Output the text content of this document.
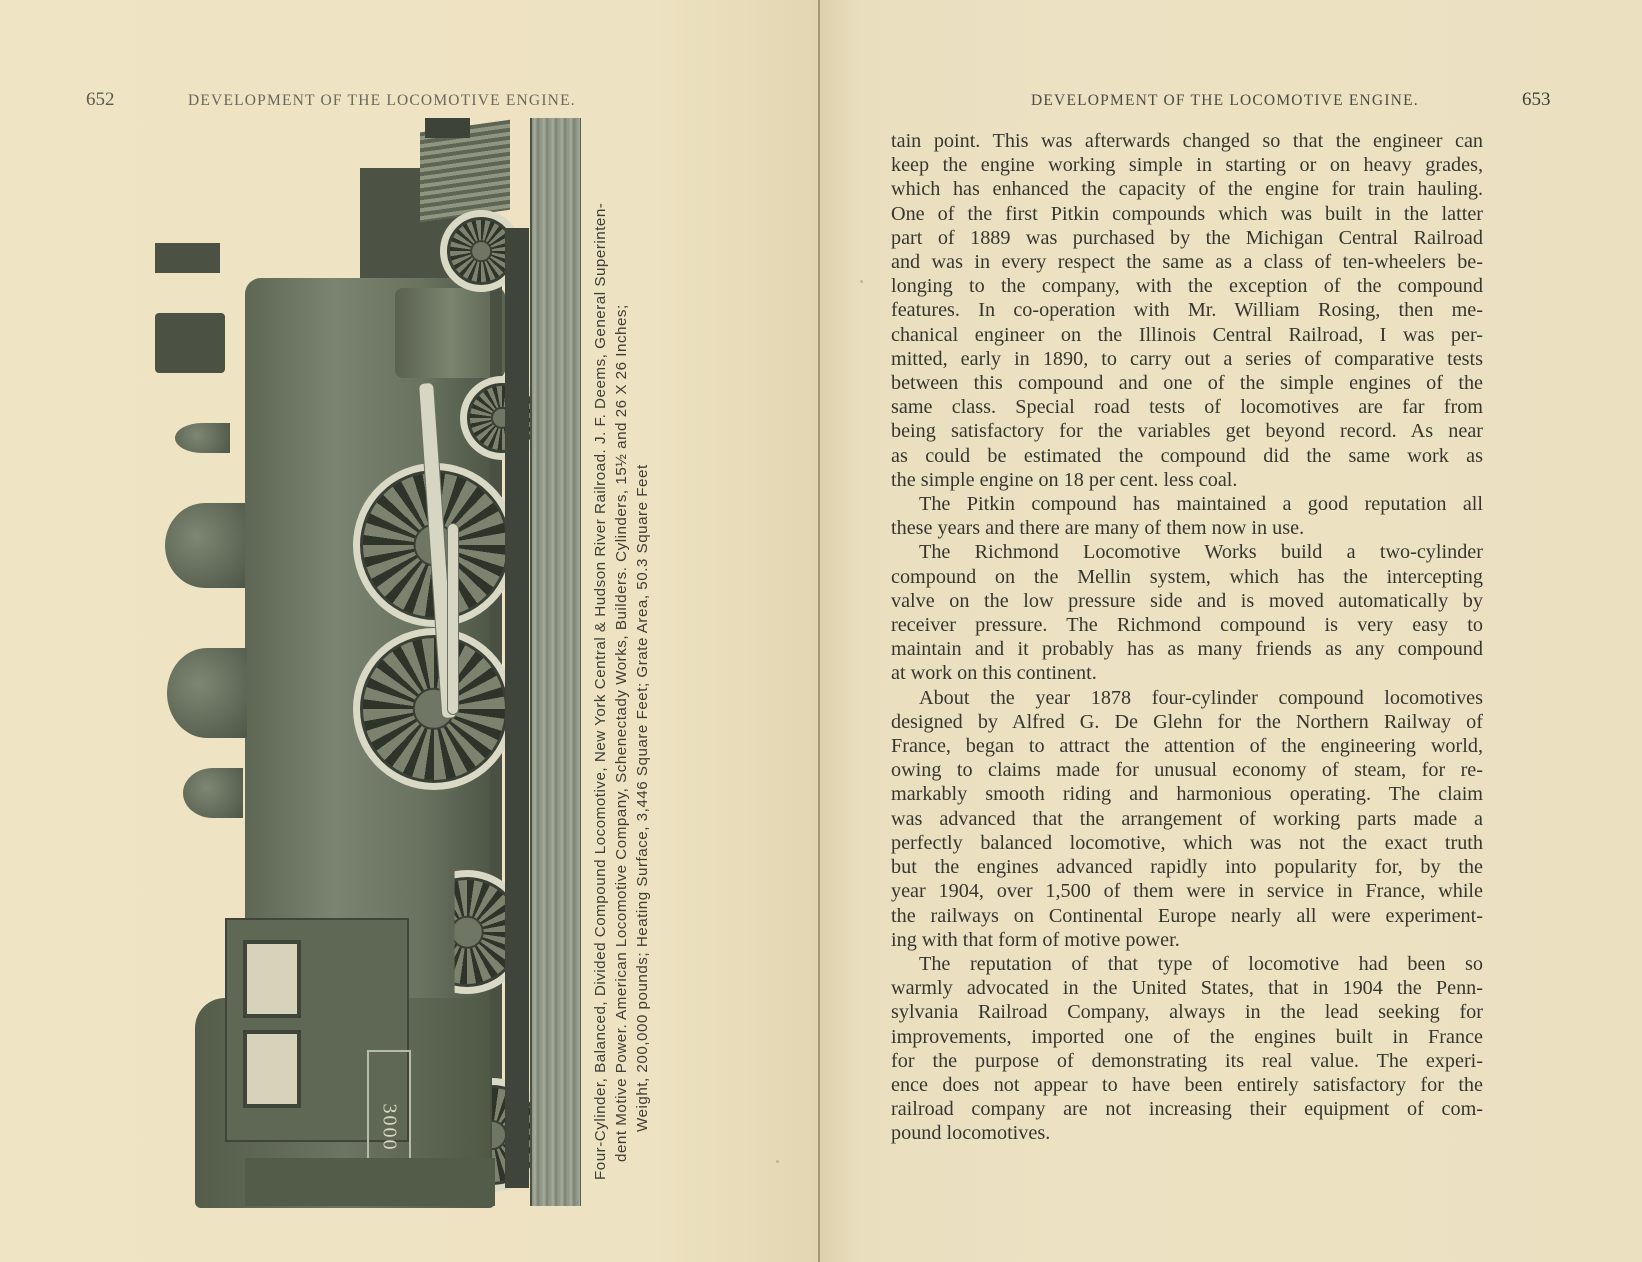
652	DEVELOPMENT OF THE LOCOMOTIVE ENGINE.
3000	Four-Cylinder, Balanced, Divided Compound Locomotive, New York Central & Hudson River Railroad. J. F. Deems, General Superinten- dent Motive Power. American Locomotive Company, Schenectady Works, Builders. Cylinders, 15½ and 26 X 26 Inches; Weight, 200,000 pounds; Heating Surface, 3,446 Square Feet; Grate Area, 50.3 Square Feet
DEVELOPMENT OF THE LOCOMOTIVE ENGINE.	653

tain point. This was afterwards changed so that the engineer can
keep the engine working simple in starting or on heavy grades,
which has enhanced the capacity of the engine for train hauling.
One of the first Pitkin compounds which was built in the latter
part of 1889 was purchased by the Michigan Central Railroad
and was in every respect the same as a class of ten-wheelers be-
longing to the company, with the exception of the compound
features. In co-operation with Mr. William Rosing, then me-
chanical engineer on the Illinois Central Railroad, I was per-
mitted, early in 1890, to carry out a series of comparative tests
between this compound and one of the simple engines of the
same class. Special road tests of locomotives are far from
being satisfactory for the variables get beyond record. As near
as could be estimated the compound did the same work as
the simple engine on 18 per cent. less coal.

The Pitkin compound has maintained a good reputation all
these years and there are many of them now in use.

The Richmond Locomotive Works build a two-cylinder
compound on the Mellin system, which has the intercepting
valve on the low pressure side and is moved automatically by
receiver pressure. The Richmond compound is very easy to
maintain and it probably has as many friends as any compound
at work on this continent.

About the year 1878 four-cylinder compound locomotives
designed by Alfred G. De Glehn for the Northern Railway of
France, began to attract the attention of the engineering world,
owing to claims made for unusual economy of steam, for re-
markably smooth riding and harmonious operating. The claim
was advanced that the arrangement of working parts made a
perfectly balanced locomotive, which was not the exact truth
but the engines advanced rapidly into popularity for, by the
year 1904, over 1,500 of them were in service in France, while
the railways on Continental Europe nearly all were experiment-
ing with that form of motive power.

The reputation of that type of locomotive had been so
warmly advocated in the United States, that in 1904 the Penn-
sylvania Railroad Company, always in the lead seeking for
improvements, imported one of the engines built in France
for the purpose of demonstrating its real value. The experi-
ence does not appear to have been entirely satisfactory for the
railroad company are not increasing their equipment of com-
pound locomotives.
